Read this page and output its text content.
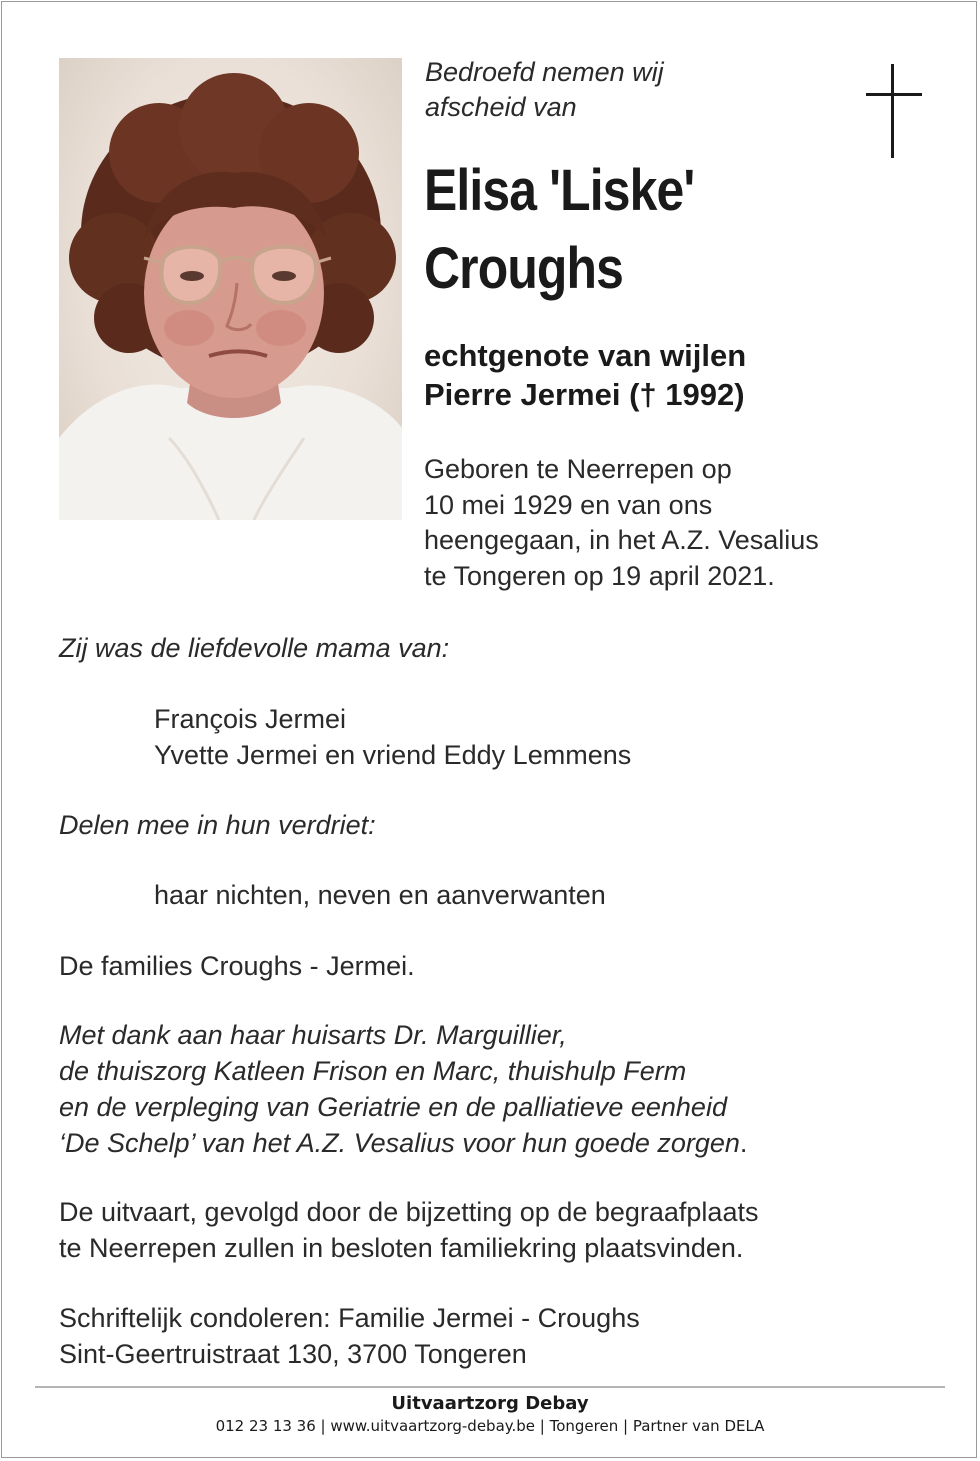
Bedroefd nemen wij
afscheid van
Elisa 'Liske'
Croughs
echtgenote van wijlen
Pierre Jermei († 1992)
Geboren te Neerrepen op
10 mei 1929 en van ons
heengegaan, in het A.Z. Vesalius
te Tongeren op 19 april 2021.
Zij was de liefdevolle mama van:
François Jermei
Yvette Jermei en vriend Eddy Lemmens
Delen mee in hun verdriet:
haar nichten, neven en aanverwanten
De families Croughs - Jermei.
Met dank aan haar huisarts Dr. Marguillier,
de thuiszorg Katleen Frison en Marc, thuishulp Ferm
en de verpleging van Geriatrie en de palliatieve eenheid
‘De Schelp’ van het A.Z. Vesalius voor hun goede zorgen.
De uitvaart, gevolgd door de bijzetting op de begraafplaats
te Neerrepen zullen in besloten familiekring plaatsvinden.
Schriftelijk condoleren: Familie Jermei - Croughs
Sint-Geertruistraat 130, 3700 Tongeren
Uitvaartzorg Debay
012 23 13 36 | www.uitvaartzorg-debay.be | Tongeren | Partner van DELA
